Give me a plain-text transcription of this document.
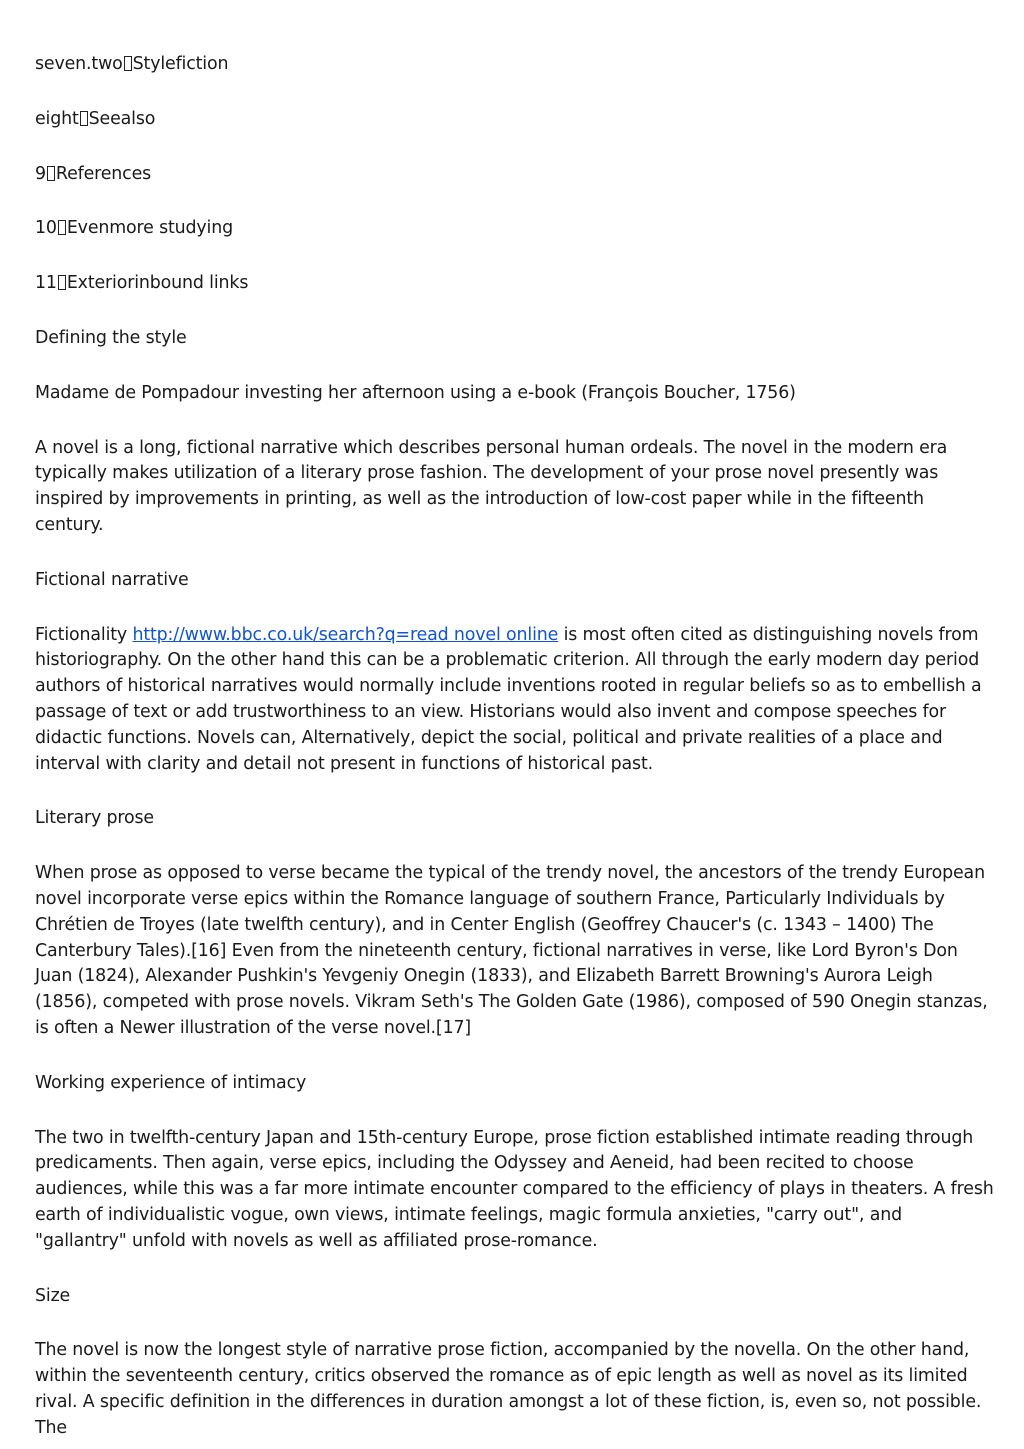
seven.two Stylefiction

eight Seealso

9 References

10 Evenmore studying

11 Exteriorinbound links

Defining the style

Madame de Pompadour investing her afternoon using a e-book (François Boucher, 1756)

A novel is a long, fictional narrative which describes personal human ordeals. The novel in the modern era typically makes utilization of a literary prose fashion. The development of your prose novel presently was inspired by improvements in printing, as well as the introduction of low-cost paper while in the fifteenth century.

Fictional narrative

Fictionality http://www.bbc.co.uk/search?q=read novel online is most often cited as distinguishing novels from historiography. On the other hand this can be a problematic criterion. All through the early modern day period authors of historical narratives would normally include inventions rooted in regular beliefs so as to embellish a passage of text or add trustworthiness to an view. Historians would also invent and compose speeches for didactic functions. Novels can, Alternatively, depict the social, political and private realities of a place and interval with clarity and detail not present in functions of historical past.

Literary prose

When prose as opposed to verse became the typical of the trendy novel, the ancestors of the trendy European novel incorporate verse epics within the Romance language of southern France, Particularly Individuals by Chrétien de Troyes (late twelfth century), and in Center English (Geoffrey Chaucer's (c. 1343 – 1400) The Canterbury Tales).[16] Even from the nineteenth century, fictional narratives in verse, like Lord Byron's Don Juan (1824), Alexander Pushkin's Yevgeniy Onegin (1833), and Elizabeth Barrett Browning's Aurora Leigh (1856), competed with prose novels. Vikram Seth's The Golden Gate (1986), composed of 590 Onegin stanzas, is often a Newer illustration of the verse novel.[17]

Working experience of intimacy

The two in twelfth-century Japan and 15th-century Europe, prose fiction established intimate reading through predicaments. Then again, verse epics, including the Odyssey and Aeneid, had been recited to choose audiences, while this was a far more intimate encounter compared to the efficiency of plays in theaters. A fresh earth of individualistic vogue, own views, intimate feelings, magic formula anxieties, "carry out", and "gallantry" unfold with novels as well as affiliated prose-romance.

Size

The novel is now the longest style of narrative prose fiction, accompanied by the novella. On the other hand, within the seventeenth century, critics observed the romance as of epic length as well as novel as its limited rival. A specific definition in the differences in duration amongst a lot of these fiction, is, even so, not possible. The
